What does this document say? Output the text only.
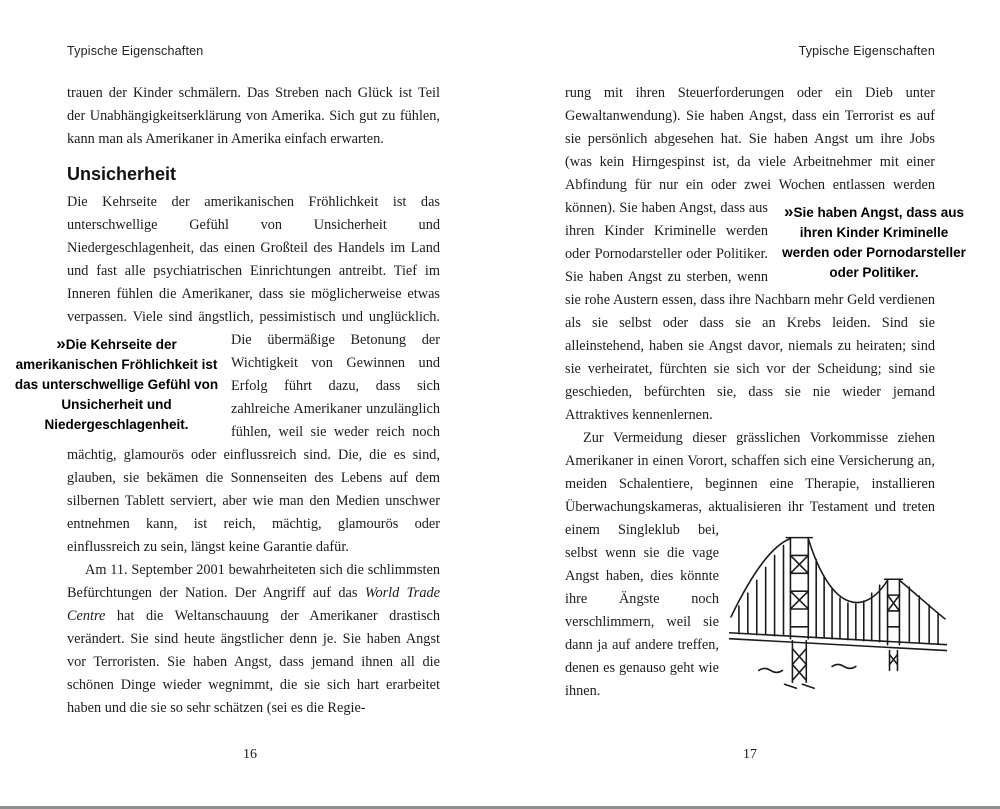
Typische Eigenschaften

trauen der Kinder schmälern. Das Streben nach Glück ist Teil der Unabhängigkeitserklärung von Amerika. Sich gut zu fühlen, kann man als Amerikaner in Amerika einfach erwarten.

Unsicherheit

Die Kehrseite der amerikanischen Fröhlichkeit ist das unterschwellige Gefühl von Unsicherheit und Niedergeschlagenheit, das einen Großteil des Handels im Land und fast alle psychiatrischen Einrichtungen antreibt. Tief im Inneren fühlen die Amerikaner, dass sie möglicherweise etwas verpassen. Viele sind ängstlich, pessimistisch und unglücklich.
» Die Kehrseite der amerikanischen Fröhlichkeit ist das unterschwellige Gefühl von Unsicherheit und Niedergeschlagenheit.
Die übermäßige Betonung der Wichtigkeit von Gewinnen und Erfolg führt dazu, dass sich zahlreiche Amerikaner unzulänglich fühlen, weil sie weder reich noch mächtig, glamourös oder einflussreich sind. Die, die es sind, glauben, sie bekämen die Sonnenseiten des Lebens auf dem silbernen Tablett serviert, aber wie man den Medien unschwer entnehmen kann, ist reich, mächtig, glamourös oder einflussreich zu sein, längst keine Garantie dafür.

Am 11. September 2001 bewahrheiteten sich die schlimmsten Befürchtungen der Nation. Der Angriff auf das World Trade Centre hat die Weltanschauung der Amerikaner drastisch verändert. Sie sind heute ängstlicher denn je. Sie haben Angst vor Terroristen. Sie haben Angst, dass jemand ihnen all die schönen Dinge wieder wegnimmt, die sie sich hart erarbeitet haben und die sie so sehr schätzen (sei es die Regie-

16
Typische Eigenschaften

rung mit ihren Steuerforderungen oder ein Dieb unter Gewaltanwendung). Sie haben Angst, dass ein Terrorist es auf sie persönlich abgesehen hat. Sie haben Angst um ihre Jobs (was kein Hirngespinst ist, da viele Arbeitnehmer mit einer Abfindung für nur ein oder zwei Wochen entlassen werden können).	» Sie haben Angst, dass aus ihren Kinder Kriminelle werden oder Pornodarsteller oder Politiker.
Sie haben Angst, dass aus ihren Kinder Kriminelle werden oder Pornodarsteller oder Politiker. Sie haben Angst zu sterben, wenn sie rohe Austern essen, dass ihre Nachbarn mehr Geld verdienen als sie selbst oder dass sie an Krebs leiden. Sind sie alleinstehend, haben sie Angst davor, niemals zu heiraten; sind sie verheiratet, fürchten sie sich vor der Scheidung; sind sie geschieden, befürchten sie, dass sie nie wieder jemand Attraktives kennenlernen.

Zur Vermeidung dieser grässlichen Vorkommisse ziehen Amerikaner in einen Vorort, schaffen sich eine Versicherung an, meiden Schalentiere, beginnen eine Therapie, installieren Überwachungskameras, aktualisieren ihr Testament und treten einem Singleklub bei,
selbst wenn sie die vage Angst haben, dies könnte ihre Ängste noch verschlimmern, weil sie dann ja auf andere treffen, denen es genauso geht wie ihnen.

17
